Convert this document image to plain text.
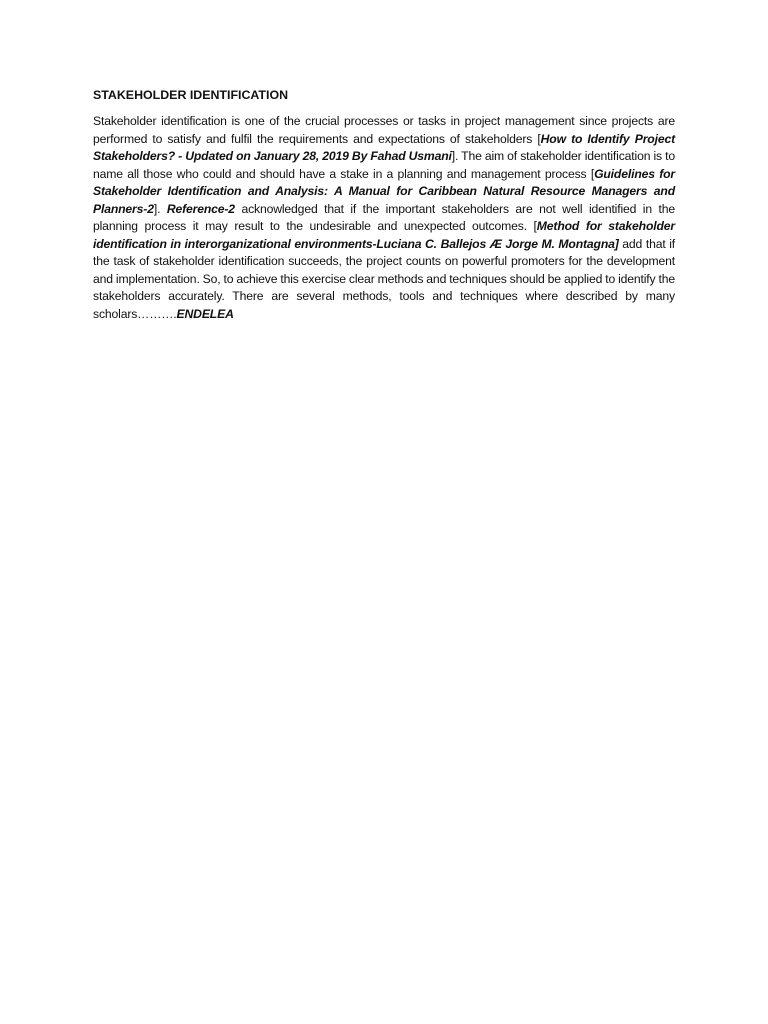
STAKEHOLDER IDENTIFICATION

Stakeholder identification is one of the crucial processes or tasks in project management since projects are performed to satisfy and fulfil the requirements and expectations of stakeholders [How to Identify Project Stakeholders? - Updated on January 28, 2019 By Fahad Usmani]. The aim of stakeholder identification is to name all those who could and should have a stake in a planning and management process [Guidelines for Stakeholder Identification and Analysis: A Manual for Caribbean Natural Resource Managers and Planners-2]. Reference-2 acknowledged that if the important stakeholders are not well identified in the planning process it may result to the undesirable and unexpected outcomes. [Method for stakeholder identification in interorganizational environments-Luciana C. Ballejos Æ Jorge M. Montagna] add that if the task of stakeholder identification succeeds, the project counts on powerful promoters for the development and implementation. So, to achieve this exercise clear methods and techniques should be applied to identify the stakeholders accurately. There are several methods, tools and techniques where described by many scholars……….ENDELEA
